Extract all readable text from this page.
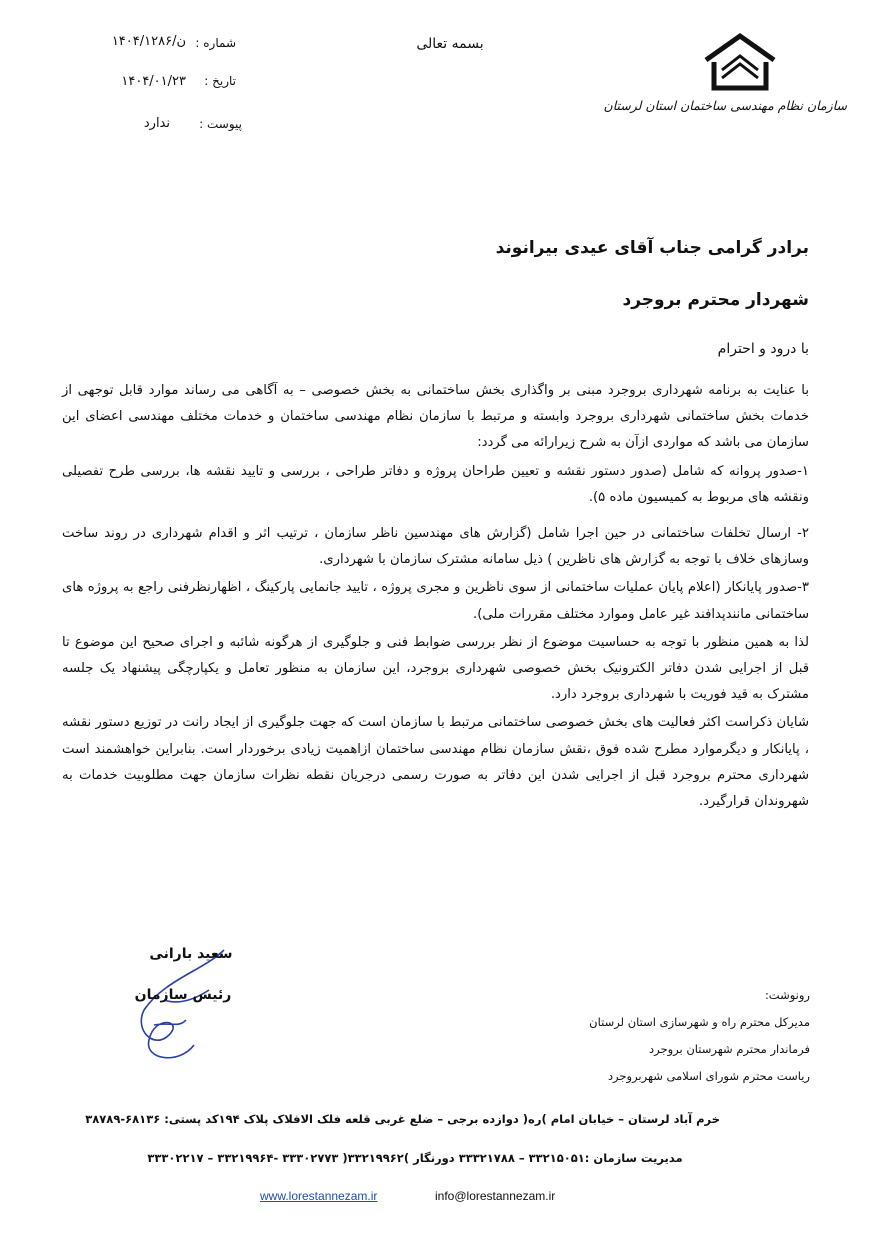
سازمان نظام مهندسی ساختمان استان لرستان
بسمه تعالی
شماره :
۱۴۰۴/ن/۱۲۸۶
تاریخ :
۱۴۰۴/۰۱/۲۳
پیوست :
ندارد
برادر گرامی جناب آقای عیدی بیرانوند
شهردار محترم بروجرد
با درود و احترام

با عنایت به برنامه شهرداری بروجرد مبنی بر واگذاری بخش ساختمانی به بخش خصوصی – به آگاهی می رساند موارد قابل توجهی از خدمات بخش ساختمانی شهرداری بروجرد وابسته و مرتبط با سازمان نظام مهندسی ساختمان و خدمات مختلف مهندسی اعضای این سازمان می باشد که مواردی ازآن به شرح زیرارائه می گردد:

۱-صدور پروانه که شامل (صدور دستور نقشه و تعیین طراحان پروژه و دفاتر طراحی ، بررسی و تایید نقشه ها، بررسی طرح تفصیلی ونقشه های مربوط به کمیسیون ماده ۵).

۲- ارسال تخلفات ساختمانی در حین اجرا شامل (گزارش های مهندسین ناظر سازمان ، ترتیب اثر و اقدام شهرداری در روند ساخت وسازهای خلاف با توجه به گزارش های ناظرین ) ذیل سامانه مشترک سازمان با شهرداری.

۳-صدور پایانکار (اعلام پایان عملیات ساختمانی از سوی ناظرین و مجری پروژه ، تایید جانمایی پارکینگ ، اظهارنظرفنی راجع به پروژه های ساختمانی مانندپدافند غیر عامل وموارد مختلف مقررات ملی).

لذا به همین منظور با توجه به حساسیت موضوع از نظر بررسی ضوابط فنی و جلوگیری از هرگونه شائبه و اجرای صحیح این موضوع تا قبل از اجرایی شدن دفاتر الکترونیک بخش خصوصی شهرداری بروجرد، این سازمان به منظور تعامل و یکپارچگی پیشنهاد یک جلسه مشترک به قید فوریت با شهرداری بروجرد دارد.

شایان ذکراست اکثر فعالیت های بخش خصوصی ساختمانی مرتبط با سازمان است که جهت جلوگیری از ایجاد رانت در توزیع دستور نقشه ، پایانکار و دیگرموارد مطرح شده فوق ،نقش سازمان نظام مهندسی ساختمان ازاهمیت زیادی برخوردار است. بنابراین خواهشمند است شهرداری محترم بروجرد قبل از اجرایی شدن این دفاتر به صورت رسمی درجریان نقطه نظرات سازمان جهت مطلوبیت خدمات به شهروندان قرارگیرد.

سعید بارانی
رئیس سازمان	رونوشت:
مدیرکل محترم راه و شهرسازی استان لرستان
فرماندار محترم شهرستان بروجرد
ریاست محترم شورای اسلامی شهربروجرد
خرم آباد لرستان – خیابان امام )ره( دوازده برجی – ضلع غربی قلعه فلک الافلاک پلاک ۱۹۴کد پستی: ۶۸۱۳۶-۳۸۷۸۹
مدیریت سازمان :۳۳۲۱۵۰۵۱ – ۳۳۳۲۱۷۸۸ دورنگار )۳۳۲۱۹۹۶۲( ۳۳۳۰۲۷۷۳ -۳۳۲۱۹۹۶۴ – ۳۳۳۰۲۲۱۷
www.lorestannezam.ir	info@lorestannezam.ir
